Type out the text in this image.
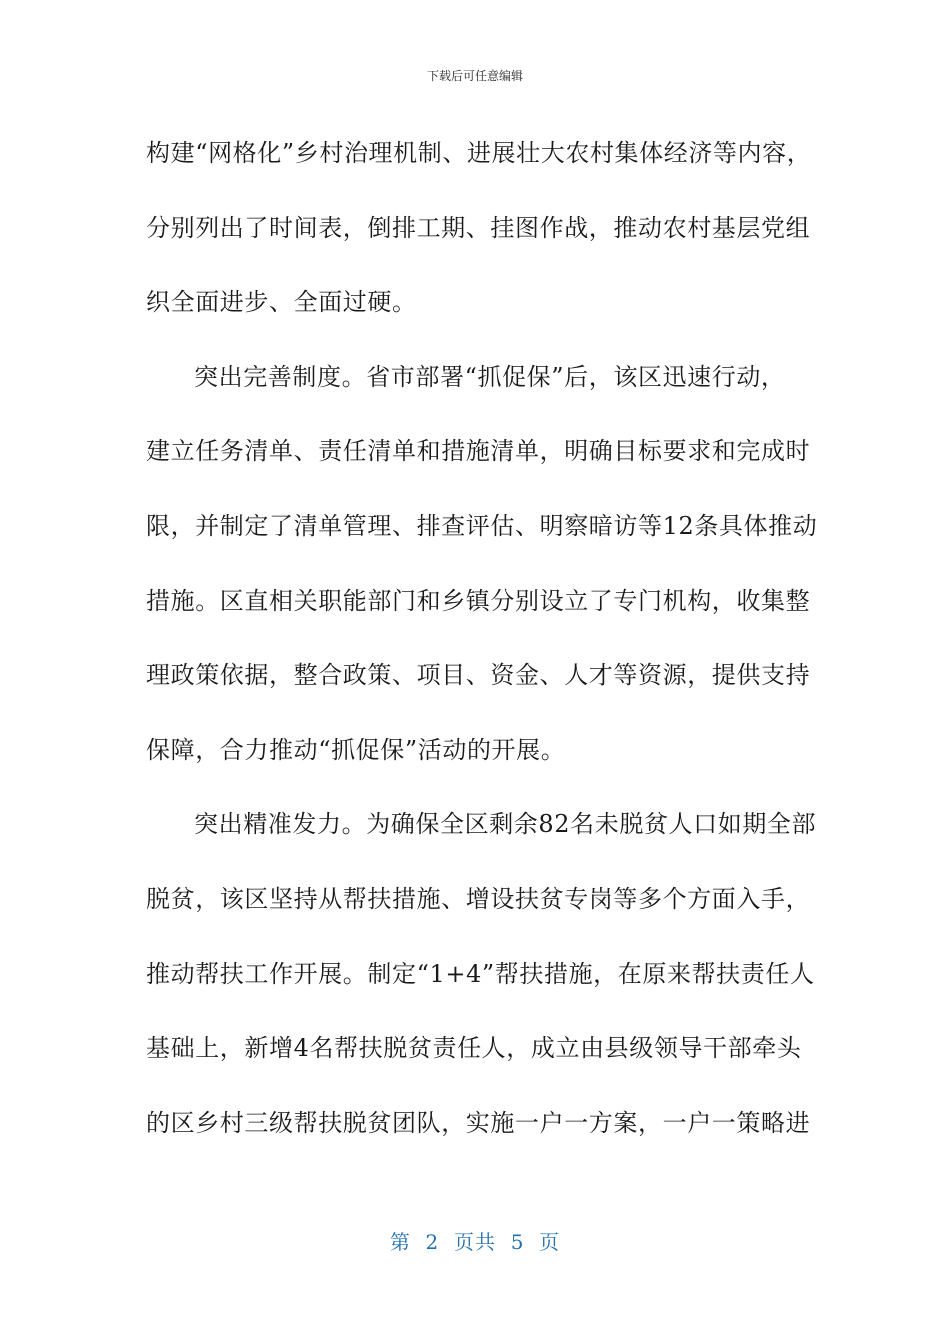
下载后可任意编辑
构建“网格化”乡村治理机制、进展壮大农村集体经济等内容，
分别列出了时间表，倒排工期、挂图作战，推动农村基层党组
织全面进步、全面过硬。
突出完善制度。省市部署“抓促保”后，该区迅速行动，
建立任务清单、责任清单和措施清单，明确目标要求和完成时
限，并制定了清单管理、排查评估、明察暗访等12条具体推动
措施。区直相关职能部门和乡镇分别设立了专门机构，收集整
理政策依据，整合政策、项目、资金、人才等资源，提供支持
保障，合力推动“抓促保”活动的开展。
突出精准发力。为确保全区剩余82名未脱贫人口如期全部
脱贫，该区坚持从帮扶措施、增设扶贫专岗等多个方面入手，
推动帮扶工作开展。制定“1+4”帮扶措施，在原来帮扶责任人
基础上，新增4名帮扶脱贫责任人，成立由县级领导干部牵头
的区乡村三级帮扶脱贫团队，实施一户一方案，一户一策略进
第  2  页共  5  页
